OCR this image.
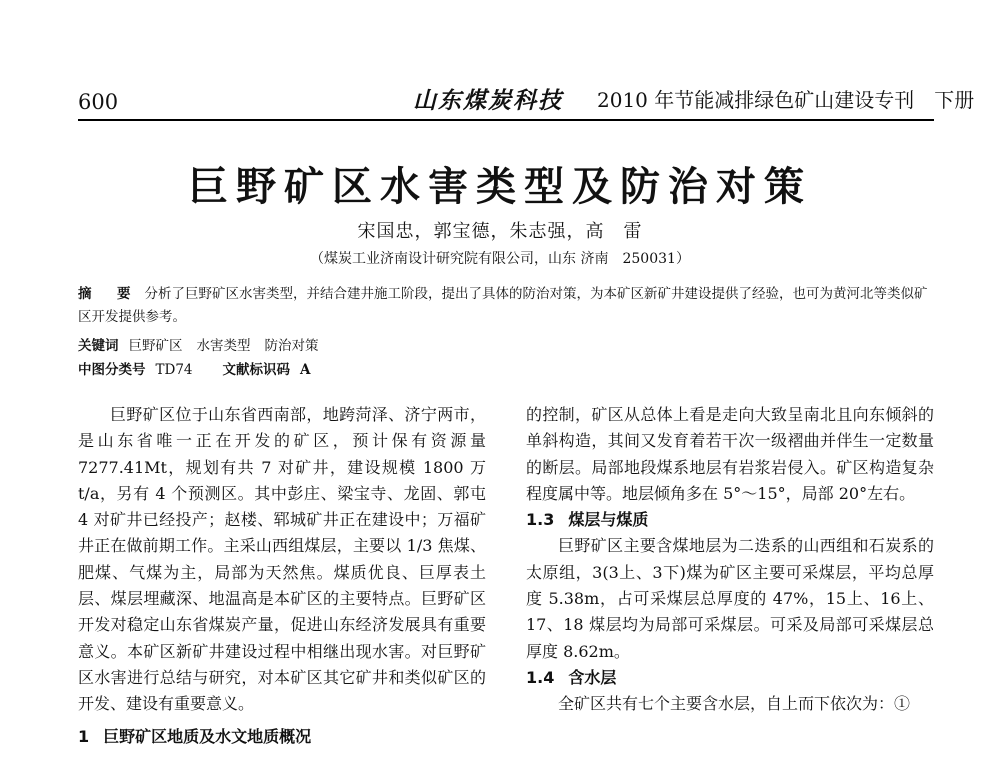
600	山东煤炭科技 2010 年节能减排绿色矿山建设专刊　下册
巨野矿区水害类型及防治对策
宋国忠，郭宝德，朱志强，高　雷
（煤炭工业济南设计研究院有限公司，山东 济南　250031）
摘　要 分析了巨野矿区水害类型，并结合建井施工阶段，提出了具体的防治对策，为本矿区新矿井建设提供了经验，也可为黄河北等类似矿区开发提供参考。
关键词 巨野矿区 水害类型 防治对策
中图分类号 TD74 文献标识码 A

巨野矿区位于山东省西南部，地跨菏泽、济宁两市，是山东省唯一正在开发的矿区，预计保有资源量 7277.41Mt，规划有共 7 对矿井，建设规模 1800 万 t/a，另有 4 个预测区。其中彭庄、梁宝寺、龙固、郭屯 4 对矿井已经投产；赵楼、郓城矿井正在建设中；万福矿井正在做前期工作。主采山西组煤层，主要以 1/3 焦煤、肥煤、气煤为主，局部为天然焦。煤质优良、巨厚表土层、煤层埋藏深、地温高是本矿区的主要特点。巨野矿区开发对稳定山东省煤炭产量，促进山东经济发展具有重要意义。本矿区新矿井建设过程中相继出现水害。对巨野矿区水害进行总结与研究，对本矿区其它矿井和类似矿区的开发、建设有重要意义。

1 巨野矿区地质及水文地质概况

的控制，矿区从总体上看是走向大致呈南北且向东倾斜的单斜构造，其间又发育着若干次一级褶曲并伴生一定数量的断层。局部地段煤系地层有岩浆岩侵入。矿区构造复杂程度属中等。地层倾角多在 5°～15°，局部 20°左右。

1.3 煤层与煤质

巨野矿区主要含煤地层为二迭系的山西组和石炭系的太原组，3(3上、3下)煤为矿区主要可采煤层，平均总厚度 5.38m，占可采煤层总厚度的 47%，15上、16上、17、18 煤层均为局部可采煤层。可采及局部可采煤层总厚度 8.62m。

1.4 含水层

全矿区共有七个主要含水层，自上而下依次为：①
